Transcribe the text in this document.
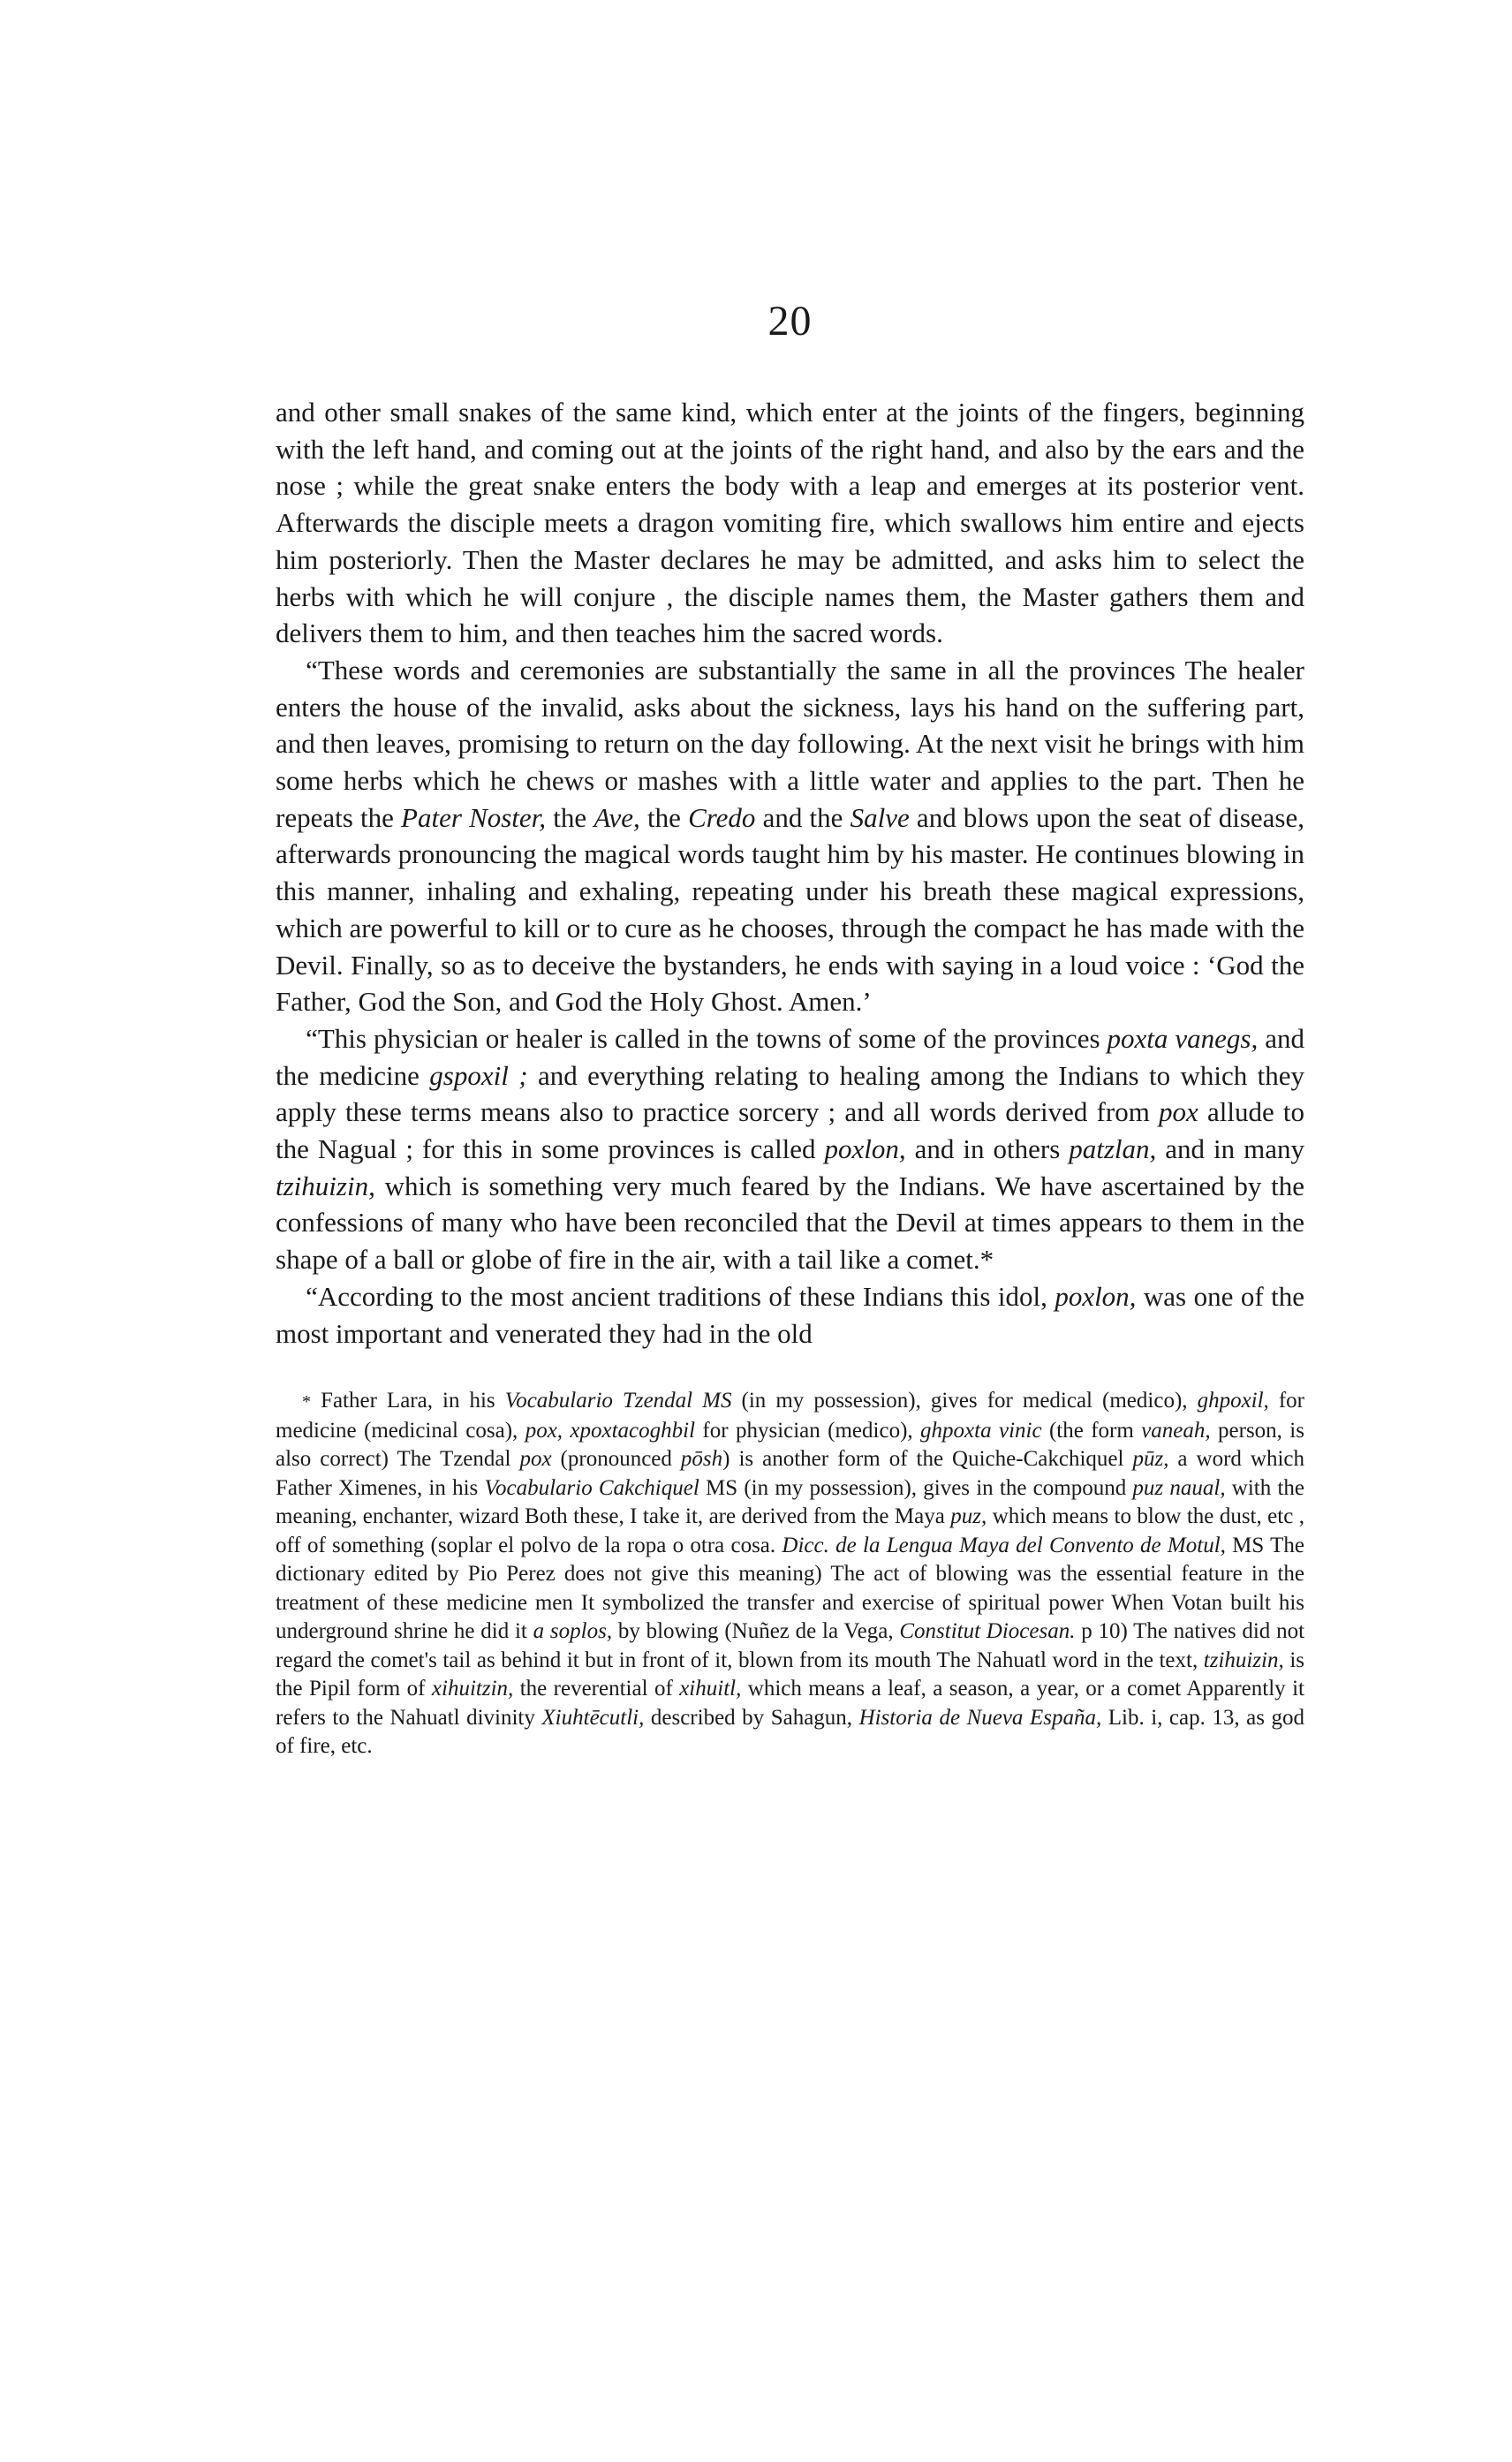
20

and other small snakes of the same kind, which enter at the joints of the fingers, beginning with the left hand, and coming out at the joints of the right hand, and also by the ears and the nose ; while the great snake enters the body with a leap and emerges at its posterior vent. Afterwards the disciple meets a dragon vomiting fire, which swallows him entire and ejects him posteriorly. Then the Master declares he may be admitted, and asks him to select the herbs with which he will conjure , the disciple names them, the Master gathers them and delivers them to him, and then teaches him the sacred words.

“These words and ceremonies are substantially the same in all the provinces The healer enters the house of the invalid, asks about the sickness, lays his hand on the suffering part, and then leaves, promising to return on the day following. At the next visit he brings with him some herbs which he chews or mashes with a little water and applies to the part. Then he repeats the Pater Noster, the Ave, the Credo and the Salve and blows upon the seat of disease, afterwards pronouncing the magical words taught him by his master. He continues blowing in this manner, inhaling and exhaling, repeating under his breath these magical expressions, which are powerful to kill or to cure as he chooses, through the compact he has made with the Devil. Finally, so as to deceive the bystanders, he ends with saying in a loud voice : ‘God the Father, God the Son, and God the Holy Ghost. Amen.’

“This physician or healer is called in the towns of some of the provinces poxta vanegs, and the medicine gspoxil ; and everything relating to healing among the Indians to which they apply these terms means also to practice sorcery ; and all words derived from pox allude to the Nagual ; for this in some provinces is called poxlon, and in others patzlan, and in many tzihuizin, which is something very much feared by the Indians. We have ascertained by the confessions of many who have been reconciled that the Devil at times appears to them in the shape of a ball or globe of fire in the air, with a tail like a comet.*

“According to the most ancient traditions of these Indians this idol, poxlon, was one of the most important and venerated they had in the old

* Father Lara, in his Vocabulario Tzendal MS (in my possession), gives for medical (medico), ghpoxil, for medicine (medicinal cosa), pox, xpoxtacoghbil for physician (medico), ghpoxta vinic (the form vaneah, person, is also correct) The Tzendal pox (pronounced pōsh) is another form of the Quiche-Cakchiquel pūz, a word which Father Ximenes, in his Vocabulario Cakchiquel MS (in my possession), gives in the compound puz naual, with the meaning, enchanter, wizard Both these, I take it, are derived from the Maya puz, which means to blow the dust, etc , off of something (soplar el polvo de la ropa o otra cosa. Dicc. de la Lengua Maya del Convento de Motul, MS The dictionary edited by Pio Perez does not give this meaning) The act of blowing was the essential feature in the treatment of these medicine men It symbolized the transfer and exercise of spiritual power When Votan built his underground shrine he did it a soplos, by blowing (Nuñez de la Vega, Constitut Diocesan. p 10) The natives did not regard the comet's tail as behind it but in front of it, blown from its mouth The Nahuatl word in the text, tzihuizin, is the Pipil form of xihuitzin, the reverential of xihuitl, which means a leaf, a season, a year, or a comet Apparently it refers to the Nahuatl divinity Xiuhtēcutli, described by Sahagun, Historia de Nueva España, Lib. i, cap. 13, as god of fire, etc.
